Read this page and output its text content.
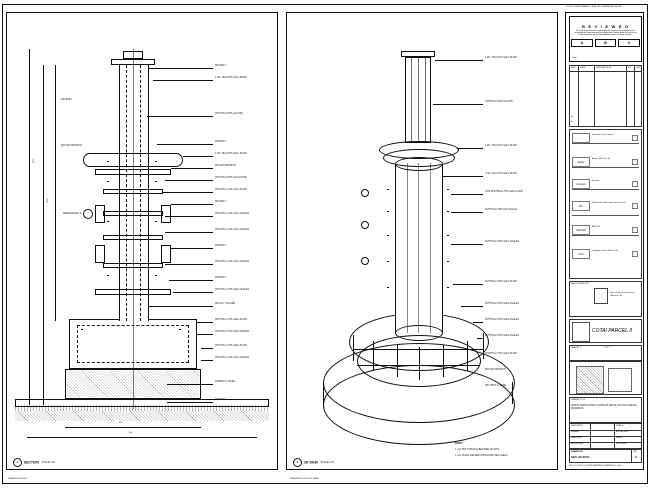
1200
2400
800
600
M16 BOLT
1 NO. 75mmTHK GALV PLATE
CFTP75mmTHK GALV MS
M16 BOLT
1 NO. 75mmTHK GALV PLATE
M16 ANCHOR BOLT
CFTP75mmTHK GALV PLATE
CFTP75mm THK GALV PLATE
M16 BOLT
CFTP75mm THK GALV ANGLES
CFTP75mm THK GALV ANGLES
M16 BOLT
CFTP75mm THK GALV ANGLES
M16 BOLT
CFTP75mm THK GALV ANGLES
M12 R.C. COLUMN
CFTP75mm THK GALV PLATE
CFTP75mm THK GALV ANGLES
CFTP75mm THK GALV PLATE
CFTP75mm THK GALV ANGLES
250MM R.C. BASE
M16 BOLT
M16 BOLT
M16 ANCHOR BOLT
REFER DETAIL 3
A SECTION SCALE 1:20
1 NO. 75mmTHK GALV PLATE
CFTP75mmTHK GALV MS
1 NO. 75mmTHK GALV PLATE
1 NO. 75mmTHK GALV PLATE
LOW CFTP50mm THK GALV PLATE
CFTP75mmTHK GALV ANGLE
CFTP75mm THK GALV ANGLES
CFTP60mm THK GALV PLATE
CFTP75mm THK GALV ANGLES
CFTP75mm THK GALV ANGLES
CFTP75mm THK GALV ANGLES
CFTP75mm THK GALV PLATE
M16 ANCHOR BOLT
250 THK R.C. BASE
NOTE :
1. ALL BOLT SHOULD BE FIXED ON SITE.
2. ALL PLATE WELDED SHOULD BE SEAL WELD.
B 3D VIEW SCALE 1:20
R E V I E W E D
This document has been reviewed by the relevant Consultant(s) and is acceptable for fabrication and/or construction. Review does not relieve the Trade Contractor of his responsibilities under the Trade Contract.
A	B	C
Date :
REV DATE	DESCRIPTION	BY CHK
A
B
Hoseiton Direct Limited
Aedas
Aedas (Macau) Ltd.
Genstar
Genstar
MC
Meinhardt Professional Services Ltd.
AECOM
AECOM
L&S
Langdon & Seah Macau Ltd.
MAIN CONTRACTOR
Hsin Chong Construction (Macau) Ltd.
COTAI PARCEL 3
PARCEL 3	LOT 2
DRAWING TITLE
PUBLIC CIRCULATION, FOUNTAIN DETAIL 04 PLAN & DETAIL DRAWINGS
DESIGNED
DRAWN
CHECKED
APPROVED
SCALE
AS SHOWN
DATE
SEP 2009
DRAWING NO.
SKC-02-0001
REV
A
FILE: P-FOUN_PC3_DETAIL REFERENCE DRAWING No. : A-01
DO NOT SCALE DRAWING. VERIFY ALL DIMENSIONS ON SITE
DRAWING FILE REF:	REFERENCE DWG FILE NAME :
